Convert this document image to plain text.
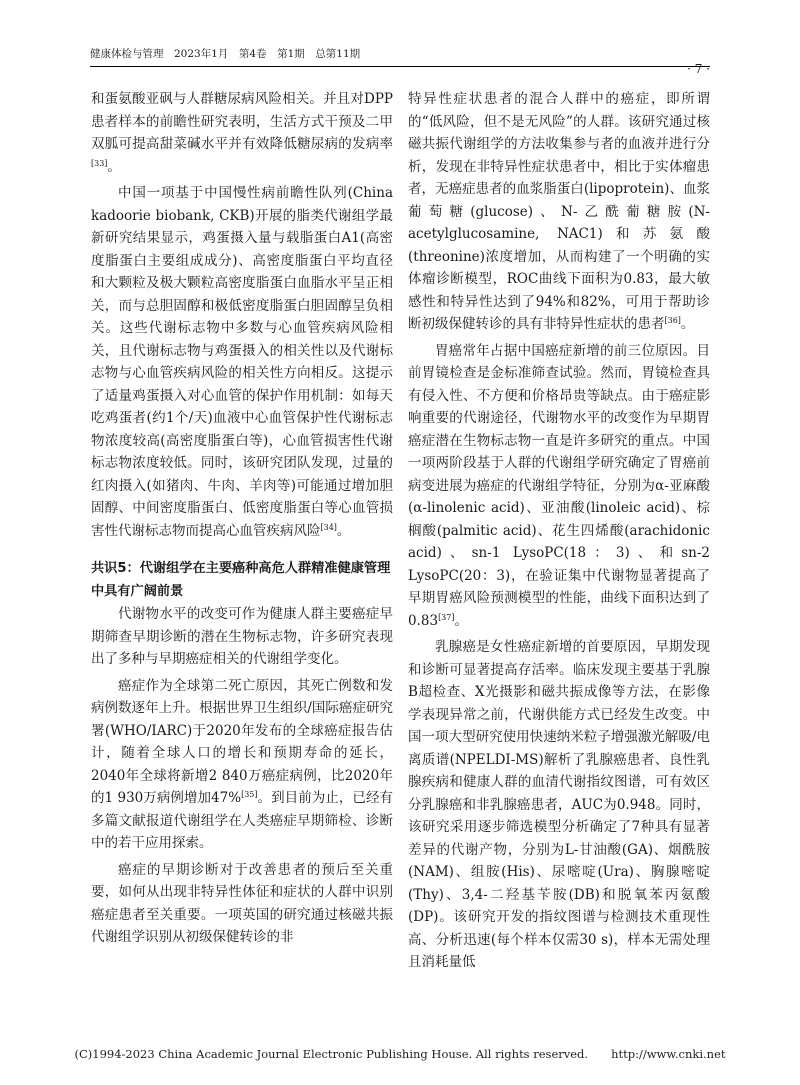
健康体检与管理　2023年1月　第4卷　第1期　总第11期
· 7 ·

和蛋氨酸亚砜与人群糖尿病风险相关。并且对DPP患者样本的前瞻性研究表明，生活方式干预及二甲双胍可提高甜菜碱水平并有效降低糖尿病的发病率[33]。

中国一项基于中国慢性病前瞻性队列(China kadoorie biobank, CKB)开展的脂类代谢组学最新研究结果显示，鸡蛋摄入量与载脂蛋白A1(高密度脂蛋白主要组成成分)、高密度脂蛋白平均直径和大颗粒及极大颗粒高密度脂蛋白血脂水平呈正相关，而与总胆固醇和极低密度脂蛋白胆固醇呈负相关。这些代谢标志物中多数与心血管疾病风险相关，且代谢标志物与鸡蛋摄入的相关性以及代谢标志物与心血管疾病风险的相关性方向相反。这提示了适量鸡蛋摄入对心血管的保护作用机制：如每天吃鸡蛋者(约1个/天)血液中心血管保护性代谢标志物浓度较高(高密度脂蛋白等)，心血管损害性代谢标志物浓度较低。同时，该研究团队发现，过量的红肉摄入(如猪肉、牛肉、羊肉等)可能通过增加胆固醇、中间密度脂蛋白、低密度脂蛋白等心血管损害性代谢标志物而提高心血管疾病风险[34]。

共识5：代谢组学在主要癌种高危人群精准健康管理中具有广阔前景

代谢物水平的改变可作为健康人群主要癌症早期筛查早期诊断的潜在生物标志物，许多研究表现出了多种与早期癌症相关的代谢组学变化。

癌症作为全球第二死亡原因，其死亡例数和发病例数逐年上升。根据世界卫生组织/国际癌症研究署(WHO/IARC)于2020年发布的全球癌症报告估计，随着全球人口的增长和预期寿命的延长，2040年全球将新增2 840万癌症病例，比2020年的1 930万病例增加47%[35]。到目前为止，已经有多篇文献报道代谢组学在人类癌症早期筛检、诊断中的若干应用探索。

癌症的早期诊断对于改善患者的预后至关重要，如何从出现非特异性体征和症状的人群中识别癌症患者至关重要。一项英国的研究通过核磁共振代谢组学识别从初级保健转诊的非

特异性症状患者的混合人群中的癌症，即所谓的“低风险，但不是无风险”的人群。该研究通过核磁共振代谢组学的方法收集参与者的血液并进行分析，发现在非特异性症状患者中，相比于实体瘤患者，无癌症患者的血浆脂蛋白(lipoprotein)、血浆葡萄糖(glucose)、N-乙酰葡糖胺(N-acetylglucosamine, NAC1)和苏氨酸(threonine)浓度增加，从而构建了一个明确的实体瘤诊断模型，ROC曲线下面积为0.83，最大敏感性和特异性达到了94%和82%，可用于帮助诊断初级保健转诊的具有非特异性症状的患者[36]。

胃癌常年占据中国癌症新增的前三位原因。目前胃镜检查是金标准筛查试验。然而，胃镜检查具有侵入性、不方便和价格昂贵等缺点。由于癌症影响重要的代谢途径，代谢物水平的改变作为早期胃癌症潜在生物标志物一直是许多研究的重点。中国一项两阶段基于人群的代谢组学研究确定了胃癌前病变进展为癌症的代谢组学特征，分别为α-亚麻酸(α-linolenic acid)、亚油酸(linoleic acid)、棕榈酸(palmitic acid)、花生四烯酸(arachidonic acid)、sn-1 LysoPC(18：3)、和sn-2 LysoPC(20：3)，在验证集中代谢物显著提高了早期胃癌风险预测模型的性能，曲线下面积达到了0.83[37]。

乳腺癌是女性癌症新增的首要原因，早期发现和诊断可显著提高存活率。临床发现主要基于乳腺B超检查、X光摄影和磁共振成像等方法，在影像学表现异常之前，代谢供能方式已经发生改变。中国一项大型研究使用快速纳米粒子增强激光解吸/电离质谱(NPELDI-MS)解析了乳腺癌患者、良性乳腺疾病和健康人群的血清代谢指纹图谱，可有效区分乳腺癌和非乳腺癌患者，AUC为0.948。同时，该研究采用逐步筛选模型分析确定了7种具有显著差异的代谢产物，分别为L-甘油酸(GA)、烟酰胺(NAM)、组胺(His)、尿嘧啶(Ura)、胸腺嘧啶(Thy)、3,4-二羟基苄胺(DB)和脱氧苯丙氨酸(DP)。该研究开发的指纹图谱与检测技术重现性高、分析迅速(每个样本仅需30 s)，样本无需处理且消耗量低

(C)1994-2023 China Academic Journal Electronic Publishing House. All rights reserved.　　http://www.cnki.net
